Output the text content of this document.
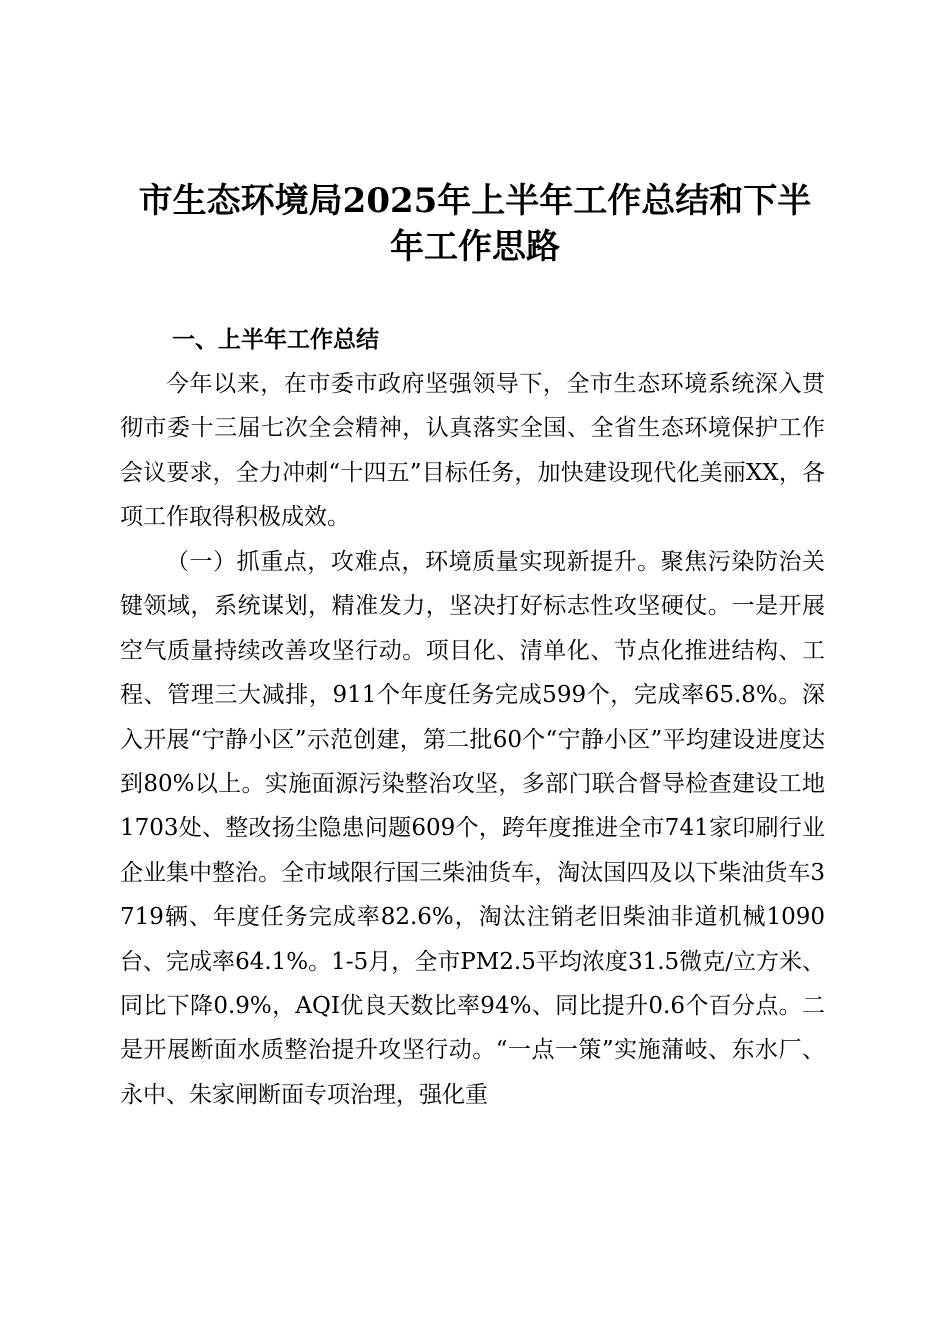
市生态环境局2025年上半年工作总结和下半
年工作思路
一、上半年工作总结

今年以来，在市委市政府坚强领导下，全市生态环境系统深入贯彻市委十三届七次全会精神，认真落实全国、全省生态环境保护工作会议要求，全力冲刺“十四五”目标任务，加快建设现代化美丽XX，各项工作取得积极成效。

（一）抓重点，攻难点，环境质量实现新提升。聚焦污染防治关键领域，系统谋划，精准发力，坚决打好标志性攻坚硬仗。一是开展空气质量持续改善攻坚行动。项目化、清单化、节点化推进结构、工程、管理三大减排，911个年度任务完成599个，完成率65.8%。深入开展“宁静小区”示范创建，第二批60个“宁静小区”平均建设进度达到80%以上。实施面源污染整治攻坚，多部门联合督导检查建设工地1703处、整改扬尘隐患问题609个，跨年度推进全市741家印刷行业企业集中整治。全市域限行国三柴油货车，淘汰国四及以下柴油货车3719辆、年度任务完成率82.6%，淘汰注销老旧柴油非道机械1090台、完成率64.1%。1-5月，全市PM2.5平均浓度31.5微克/立方米、同比下降0.9%，AQI优良天数比率94%、同比提升0.6个百分点。二是开展断面水质整治提升攻坚行动。“一点一策”实施蒲岐、东水厂、永中、朱家闸断面专项治理，强化重
